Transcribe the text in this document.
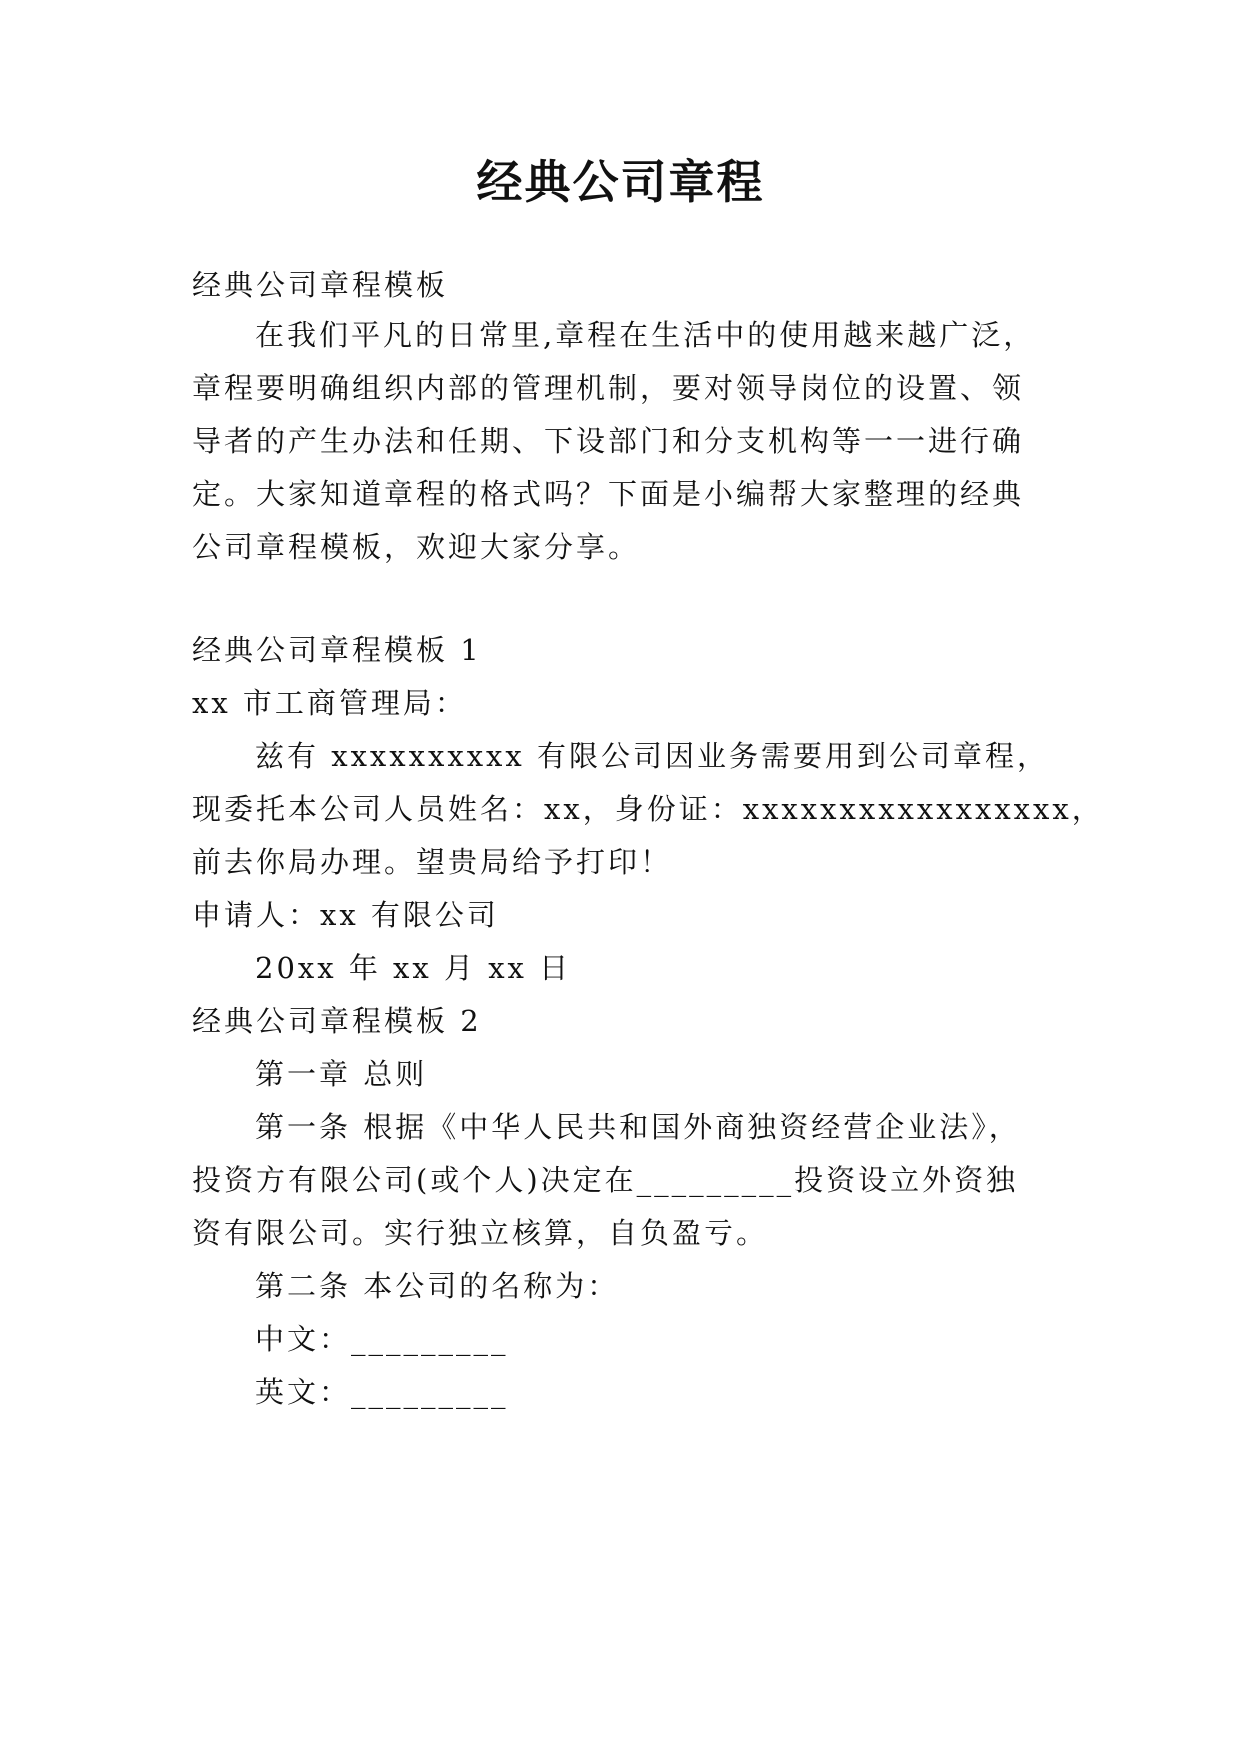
经典公司章程
经典公司章程模板
在我们平凡的日常里,章程在生活中的使用越来越广泛，
章程要明确组织内部的管理机制，要对领导岗位的设置、领
导者的产生办法和任期、下设部门和分支机构等一一进行确
定。大家知道章程的格式吗？下面是小编帮大家整理的经典
公司章程模板，欢迎大家分享。
经典公司章程模板 1
xx 市工商管理局：
兹有 xxxxxxxxxx 有限公司因业务需要用到公司章程，
现委托本公司人员姓名：xx，身份证：xxxxxxxxxxxxxxxxx，
前去你局办理。望贵局给予打印！
申请人：xx 有限公司
20xx 年 xx 月 xx 日
经典公司章程模板 2
第一章 总则
第一条 根据《中华人民共和国外商独资经营企业法》，
投资方有限公司(或个人)决定在_________投资设立外资独
资有限公司。实行独立核算，自负盈亏。
第二条 本公司的名称为：
中文：_________
英文：_________
